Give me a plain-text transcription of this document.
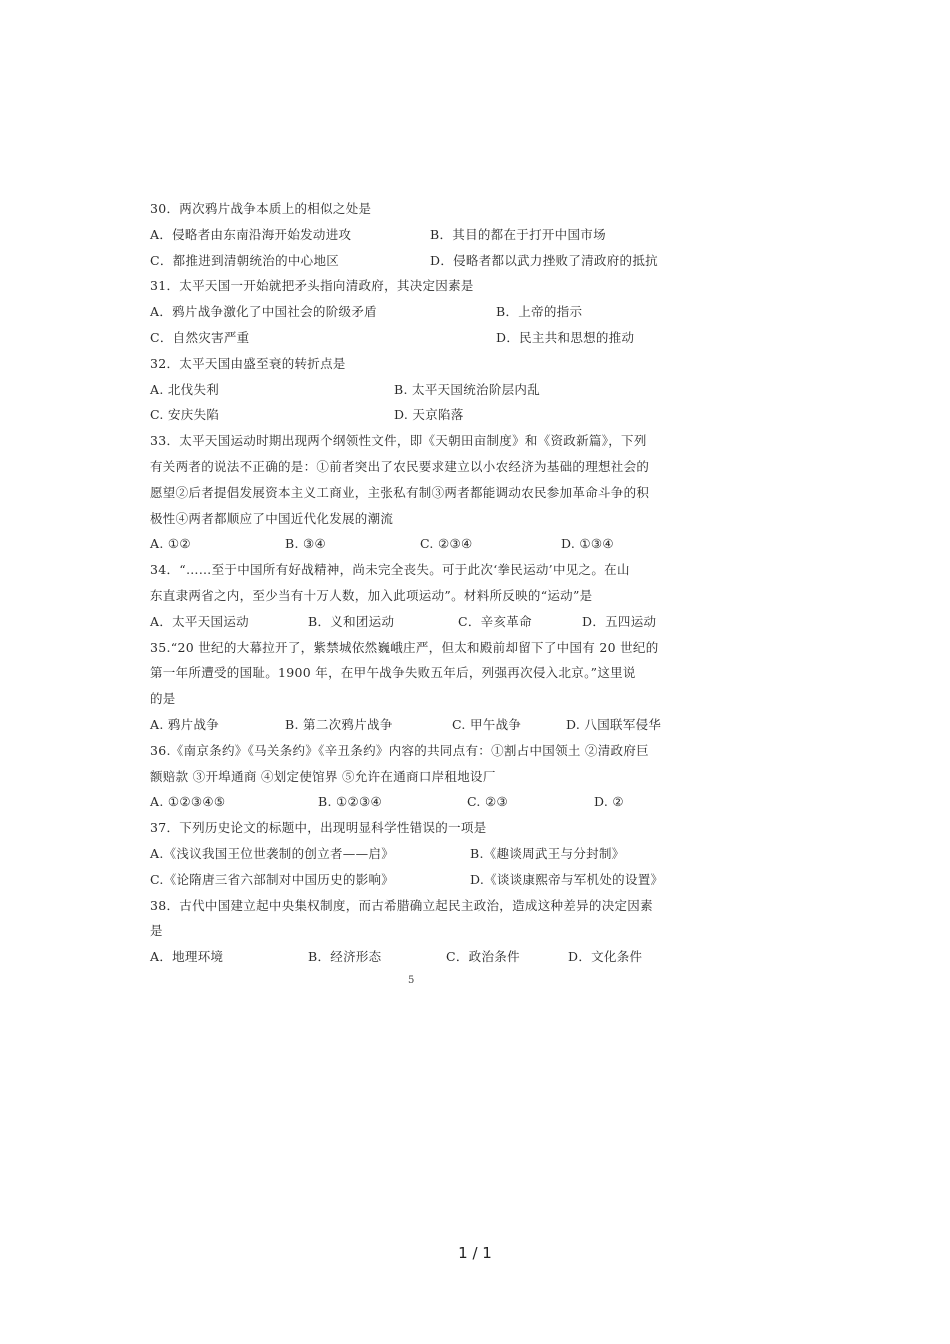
30．两次鸦片战争本质上的相似之处是
A．侵略者由东南沿海开始发动进攻	B．其目的都在于打开中国市场
C．都推进到清朝统治的中心地区	D．侵略者都以武力挫败了清政府的抵抗
31．太平天国一开始就把矛头指向清政府，其决定因素是
A．鸦片战争激化了中国社会的阶级矛盾	B．上帝的指示
C．自然灾害严重	D．民主共和思想的推动
32．太平天国由盛至衰的转折点是
A. 北伐失利	B. 太平天国统治阶层内乱
C. 安庆失陷	D. 天京陷落
33．太平天国运动时期出现两个纲领性文件，即《天朝田亩制度》和《资政新篇》，下列
有关两者的说法不正确的是：①前者突出了农民要求建立以小农经济为基础的理想社会的
愿望②后者提倡发展资本主义工商业，主张私有制③两者都能调动农民参加革命斗争的积
极性④两者都顺应了中国近代化发展的潮流
A. ①②	B. ③④	C. ②③④	D. ①③④
34．“……至于中国所有好战精神，尚未完全丧失。可于此次‘拳民运动’中见之。在山
东直隶两省之内，至少当有十万人数，加入此项运动”。材料所反映的“运动”是
A．太平天国运动	B．义和团运动	C．辛亥革命	D．五四运动
35.“20 世纪的大幕拉开了，紫禁城依然巍峨庄严，但太和殿前却留下了中国有 20 世纪的
第一年所遭受的国耻。1900 年，在甲午战争失败五年后，列强再次侵入北京。”这里说
的是
A. 鸦片战争	B. 第二次鸦片战争	C. 甲午战争	D. 八国联军侵华
36.《南京条约》《马关条约》《辛丑条约》内容的共同点有：①割占中国领土 ②清政府巨
额赔款 ③开埠通商 ④划定使馆界 ⑤允许在通商口岸租地设厂
A. ①②③④⑤	B. ①②③④	C. ②③	D. ②
37．下列历史论文的标题中，出现明显科学性错误的一项是
A.《浅议我国王位世袭制的创立者——启》	B.《趣谈周武王与分封制》
C.《论隋唐三省六部制对中国历史的影响》	D.《谈谈康熙帝与军机处的设置》
38．古代中国建立起中央集权制度，而古希腊确立起民主政治，造成这种差异的决定因素
是
A．地理环境	B．经济形态	C．政治条件	D．文化条件
5
1 / 1
